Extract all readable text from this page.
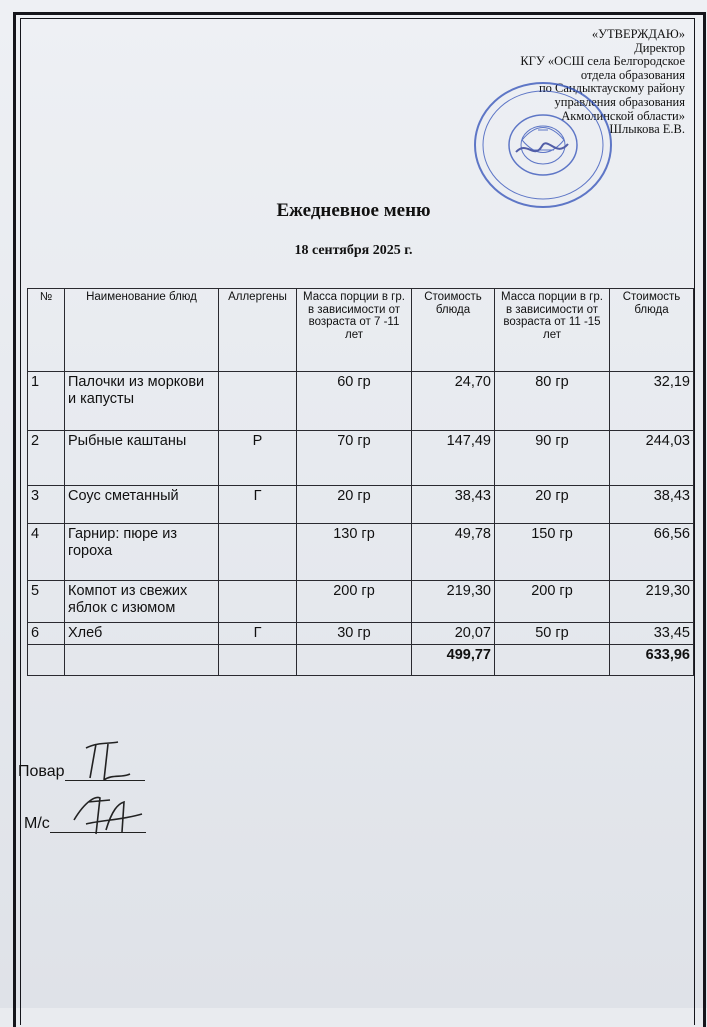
«УТВЕРЖДАЮ»
Директор
КГУ «ОСШ села Белгородское
отдела образования
по Сандыктаускому району
управления образования
Акмолинской области»
Шлыкова Е.В.
Ежедневное меню
18 сентября 2025 г.
№	Наименование блюд	Аллергены	Масса порции в гр. в зависимости от возраста от 7 -11 лет	Стоимость блюда	Масса порции в гр. в зависимости от возраста от 11 -15 лет	Стоимость блюда
1	Палочки из моркови и капусты		60 гр	24,70	80 гр	32,19
2	Рыбные каштаны	Р	70 гр	147,49	90 гр	244,03
3	Соус сметанный	Г	20 гр	38,43	20 гр	38,43
4	Гарнир: пюре из гороха		130 гр	49,78	150 гр	66,56
5	Компот из свежих яблок с изюмом		200 гр	219,30	200 гр	219,30
6	Хлеб	Г	30 гр	20,07	50 гр	33,45
				499,77		633,96
Повар
М/с
